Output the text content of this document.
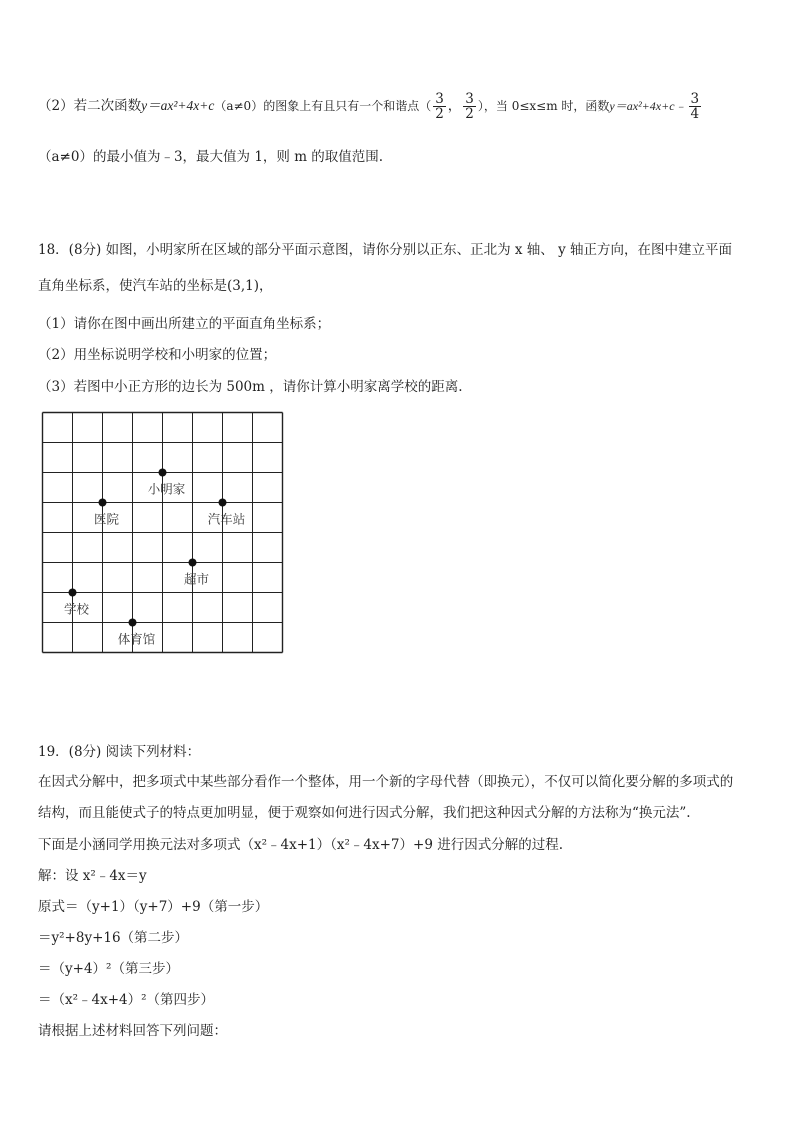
（2）若二次函数y＝ax²+4x+c（a≠0）的图象上有且只有一个和谐点（ $\frac{3}{2}$ ， $\frac{3}{2}$ ），当 0≤x≤m 时，函数y＝ax²+4x+c﹣ $\frac{3}{4}$
（a≠0）的最小值为﹣3，最大值为 1，则 m 的取值范围.
18．(8分) 如图，小明家所在区域的部分平面示意图，请你分别以正东、正北为 x 轴、 y 轴正方向，在图中建立平面
直角坐标系，使汽车站的坐标是(3,1)，
（1）请你在图中画出所建立的平面直角坐标系；
（2）用坐标说明学校和小明家的位置；
（3）若图中小正方形的边长为 500m ，请你计算小明家离学校的距离.
小明家
医院	汽车站
超市
学校
体育馆
19．(8分) 阅读下列材料：
在因式分解中，把多项式中某些部分看作一个整体，用一个新的字母代替（即换元），不仅可以简化要分解的多项式的
结构，而且能使式子的特点更加明显，便于观察如何进行因式分解，我们把这种因式分解的方法称为“换元法”.
下面是小涵同学用换元法对多项式（x²﹣4x+1）（x²﹣4x+7）+9 进行因式分解的过程.
解：设 x²﹣4x＝y
原式＝（y+1）（y+7）+9（第一步）
＝y²+8y+16（第二步）
＝（y+4）²（第三步）
＝（x²﹣4x+4）²（第四步）
请根据上述材料回答下列问题：
